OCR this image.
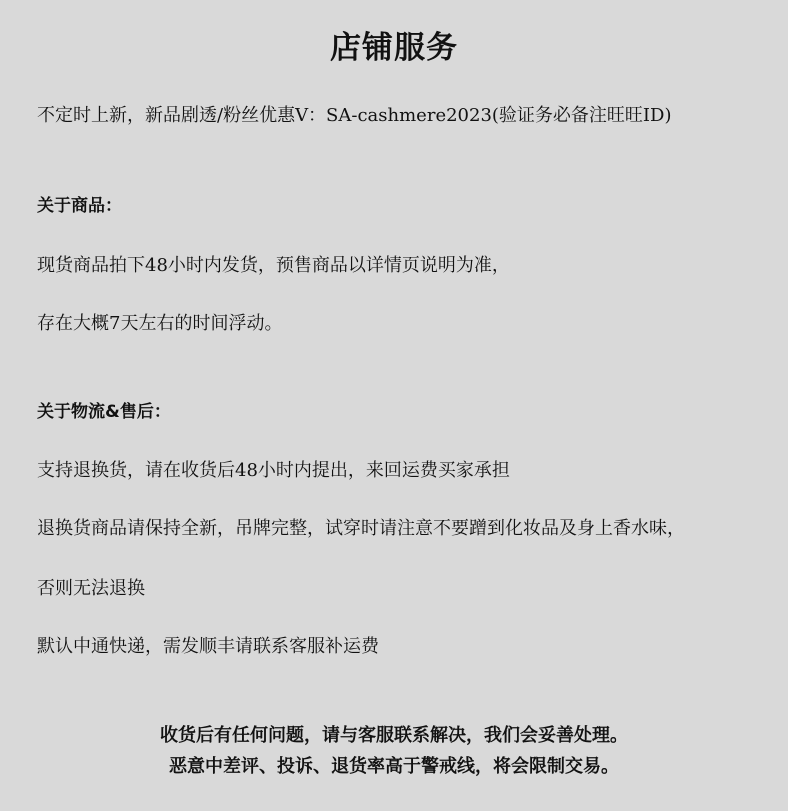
店铺服务
不定时上新，新品剧透/粉丝优惠V：SA-cashmere2023(验证务必备注旺旺ID)
关于商品：
现货商品拍下48小时内发货，预售商品以详情页说明为准，
存在大概7天左右的时间浮动。
关于物流&售后：
支持退换货，请在收货后48小时内提出，来回运费买家承担
退换货商品请保持全新，吊牌完整，试穿时请注意不要蹭到化妆品及身上香水味，
否则无法退换
默认中通快递，需发顺丰请联系客服补运费
收货后有任何问题，请与客服联系解决，我们会妥善处理。
恶意中差评、投诉、退货率高于警戒线，将会限制交易。
